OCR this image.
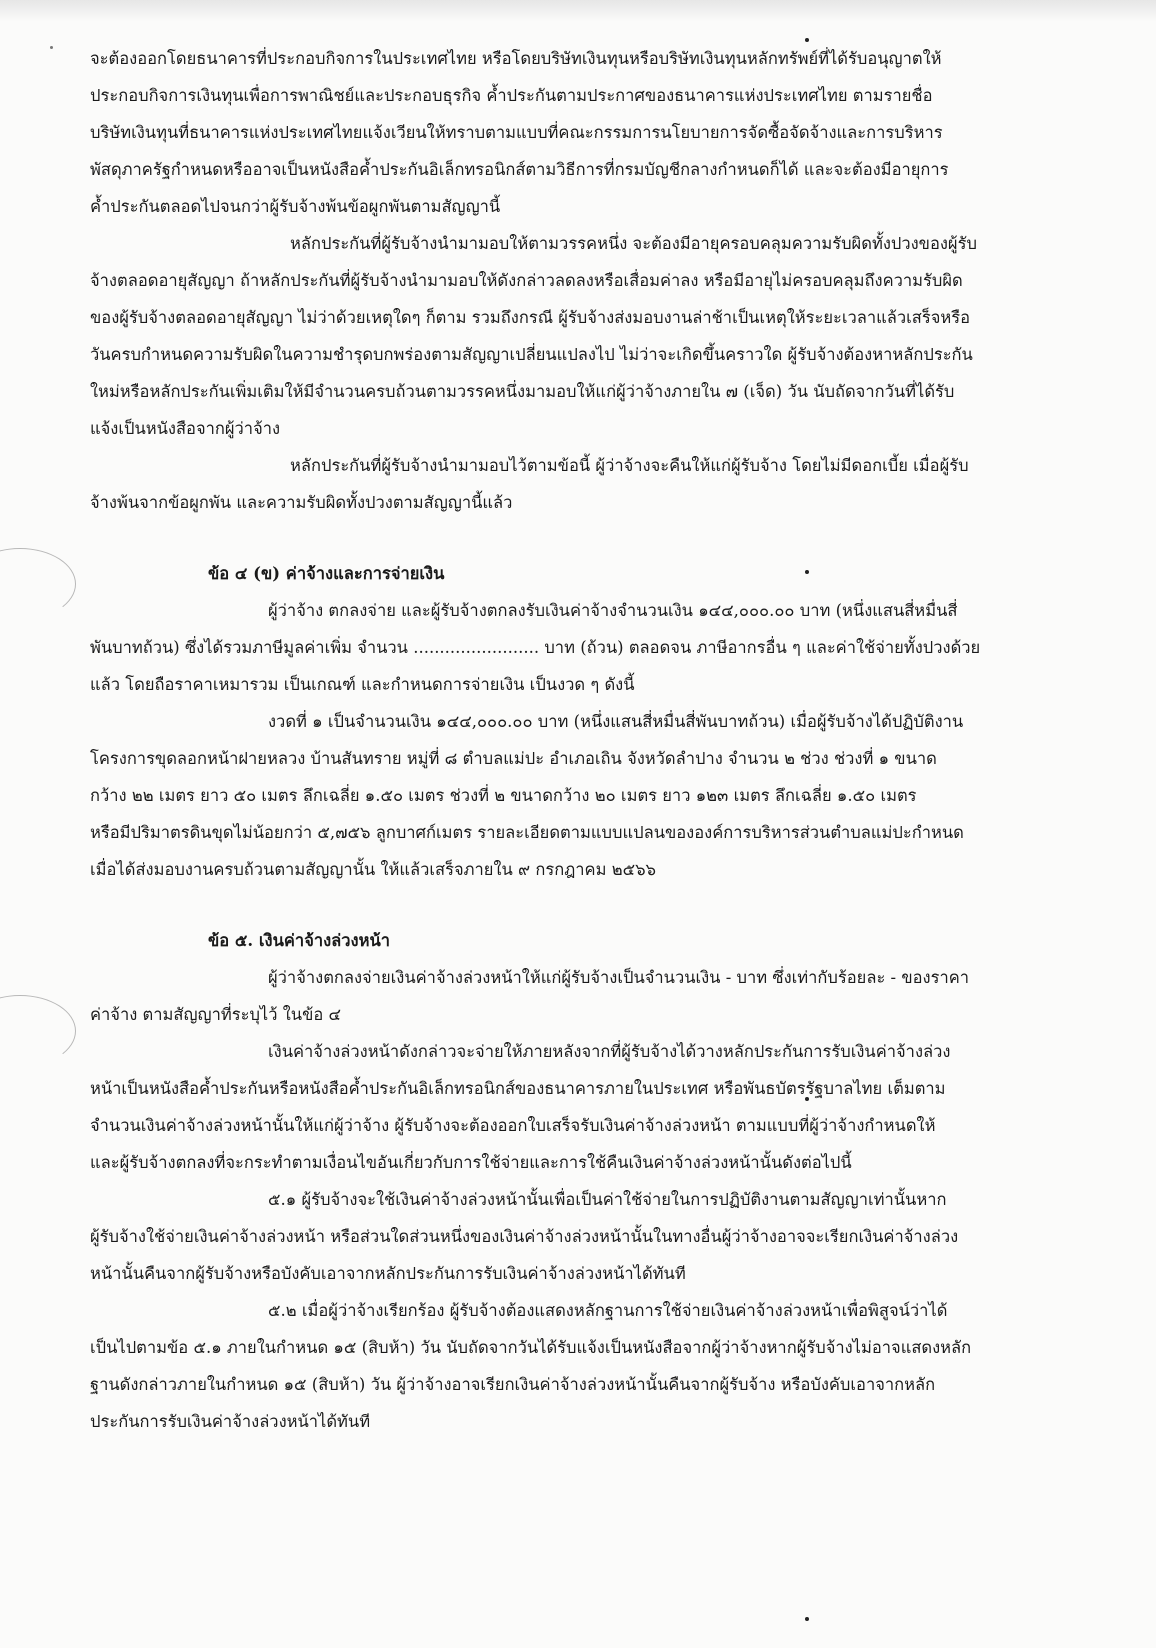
จะต้องออกโดยธนาคารที่ประกอบกิจการในประเทศไทย หรือโดยบริษัทเงินทุนหรือบริษัทเงินทุนหลักทรัพย์ที่ได้รับอนุญาตให้
ประกอบกิจการเงินทุนเพื่อการพาณิชย์และประกอบธุรกิจ ค้ำประกันตามประกาศของธนาคารแห่งประเทศไทย ตามรายชื่อ
บริษัทเงินทุนที่ธนาคารแห่งประเทศไทยแจ้งเวียนให้ทราบตามแบบที่คณะกรรมการนโยบายการจัดซื้อจัดจ้างและการบริหาร
พัสดุภาครัฐกำหนดหรืออาจเป็นหนังสือค้ำประกันอิเล็กทรอนิกส์ตามวิธีการที่กรมบัญชีกลางกำหนดก็ได้ และจะต้องมีอายุการ
ค้ำประกันตลอดไปจนกว่าผู้รับจ้างพ้นข้อผูกพันตามสัญญานี้
หลักประกันที่ผู้รับจ้างนำมามอบให้ตามวรรคหนึ่ง จะต้องมีอายุครอบคลุมความรับผิดทั้งปวงของผู้รับ
จ้างตลอดอายุสัญญา ถ้าหลักประกันที่ผู้รับจ้างนำมามอบให้ดังกล่าวลดลงหรือเสื่อมค่าลง หรือมีอายุไม่ครอบคลุมถึงความรับผิด
ของผู้รับจ้างตลอดอายุสัญญา ไม่ว่าด้วยเหตุใดๆ ก็ตาม รวมถึงกรณี ผู้รับจ้างส่งมอบงานล่าช้าเป็นเหตุให้ระยะเวลาแล้วเสร็จหรือ
วันครบกำหนดความรับผิดในความชำรุดบกพร่องตามสัญญาเปลี่ยนแปลงไป ไม่ว่าจะเกิดขึ้นคราวใด ผู้รับจ้างต้องหาหลักประกัน
ใหม่หรือหลักประกันเพิ่มเติมให้มีจำนวนครบถ้วนตามวรรคหนึ่งมามอบให้แก่ผู้ว่าจ้างภายใน ๗ (เจ็ด) วัน นับถัดจากวันที่ได้รับ
แจ้งเป็นหนังสือจากผู้ว่าจ้าง
หลักประกันที่ผู้รับจ้างนำมามอบไว้ตามข้อนี้ ผู้ว่าจ้างจะคืนให้แก่ผู้รับจ้าง โดยไม่มีดอกเบี้ย เมื่อผู้รับ
จ้างพ้นจากข้อผูกพัน และความรับผิดทั้งปวงตามสัญญานี้แล้ว
ข้อ ๔ (ข) ค่าจ้างและการจ่ายเงิน
ผู้ว่าจ้าง ตกลงจ่าย และผู้รับจ้างตกลงรับเงินค่าจ้างจำนวนเงิน ๑๔๔,๐๐๐.๐๐ บาท (หนึ่งแสนสี่หมื่นสี่
พันบาทถ้วน) ซึ่งได้รวมภาษีมูลค่าเพิ่ม จำนวน ........................ บาท (ถ้วน) ตลอดจน ภาษีอากรอื่น ๆ และค่าใช้จ่ายทั้งปวงด้วย
แล้ว โดยถือราคาเหมารวม เป็นเกณฑ์ และกำหนดการจ่ายเงิน เป็นงวด ๆ ดังนี้
งวดที่ ๑ เป็นจำนวนเงิน ๑๔๔,๐๐๐.๐๐ บาท (หนึ่งแสนสี่หมื่นสี่พันบาทถ้วน) เมื่อผู้รับจ้างได้ปฏิบัติงาน
โครงการขุดลอกหน้าฝายหลวง บ้านสันทราย หมู่ที่ ๘ ตำบลแม่ปะ อำเภอเถิน จังหวัดลำปาง จำนวน ๒ ช่วง ช่วงที่ ๑ ขนาด
กว้าง ๒๒ เมตร ยาว ๕๐ เมตร ลึกเฉลี่ย ๑.๕๐ เมตร ช่วงที่ ๒ ขนาดกว้าง ๒๐ เมตร ยาว ๑๒๓ เมตร ลึกเฉลี่ย ๑.๕๐ เมตร
หรือมีปริมาตรดินขุดไม่น้อยกว่า ๕,๗๕๖ ลูกบาศก์เมตร รายละเอียดตามแบบแปลนขององค์การบริหารส่วนตำบลแม่ปะกำหนด
เมื่อได้ส่งมอบงานครบถ้วนตามสัญญานั้น ให้แล้วเสร็จภายใน ๙ กรกฎาคม ๒๕๖๖
ข้อ ๕. เงินค่าจ้างล่วงหน้า
ผู้ว่าจ้างตกลงจ่ายเงินค่าจ้างล่วงหน้าให้แก่ผู้รับจ้างเป็นจำนวนเงิน - บาท ซึ่งเท่ากับร้อยละ - ของราคา
ค่าจ้าง ตามสัญญาที่ระบุไว้ ในข้อ ๔
เงินค่าจ้างล่วงหน้าดังกล่าวจะจ่ายให้ภายหลังจากที่ผู้รับจ้างได้วางหลักประกันการรับเงินค่าจ้างล่วง
หน้าเป็นหนังสือค้ำประกันหรือหนังสือค้ำประกันอิเล็กทรอนิกส์ของธนาคารภายในประเทศ หรือพันธบัตรรัฐบาลไทย เต็มตาม
จำนวนเงินค่าจ้างล่วงหน้านั้นให้แก่ผู้ว่าจ้าง ผู้รับจ้างจะต้องออกใบเสร็จรับเงินค่าจ้างล่วงหน้า ตามแบบที่ผู้ว่าจ้างกำหนดให้
และผู้รับจ้างตกลงที่จะกระทำตามเงื่อนไขอันเกี่ยวกับการใช้จ่ายและการใช้คืนเงินค่าจ้างล่วงหน้านั้นดังต่อไปนี้
๕.๑ ผู้รับจ้างจะใช้เงินค่าจ้างล่วงหน้านั้นเพื่อเป็นค่าใช้จ่ายในการปฏิบัติงานตามสัญญาเท่านั้นหาก
ผู้รับจ้างใช้จ่ายเงินค่าจ้างล่วงหน้า หรือส่วนใดส่วนหนึ่งของเงินค่าจ้างล่วงหน้านั้นในทางอื่นผู้ว่าจ้างอาจจะเรียกเงินค่าจ้างล่วง
หน้านั้นคืนจากผู้รับจ้างหรือบังคับเอาจากหลักประกันการรับเงินค่าจ้างล่วงหน้าได้ทันที
๕.๒ เมื่อผู้ว่าจ้างเรียกร้อง ผู้รับจ้างต้องแสดงหลักฐานการใช้จ่ายเงินค่าจ้างล่วงหน้าเพื่อพิสูจน์ว่าได้
เป็นไปตามข้อ ๕.๑ ภายในกำหนด ๑๕ (สิบห้า) วัน นับถัดจากวันได้รับแจ้งเป็นหนังสือจากผู้ว่าจ้างหากผู้รับจ้างไม่อาจแสดงหลัก
ฐานดังกล่าวภายในกำหนด ๑๕ (สิบห้า) วัน ผู้ว่าจ้างอาจเรียกเงินค่าจ้างล่วงหน้านั้นคืนจากผู้รับจ้าง หรือบังคับเอาจากหลัก
ประกันการรับเงินค่าจ้างล่วงหน้าได้ทันที
